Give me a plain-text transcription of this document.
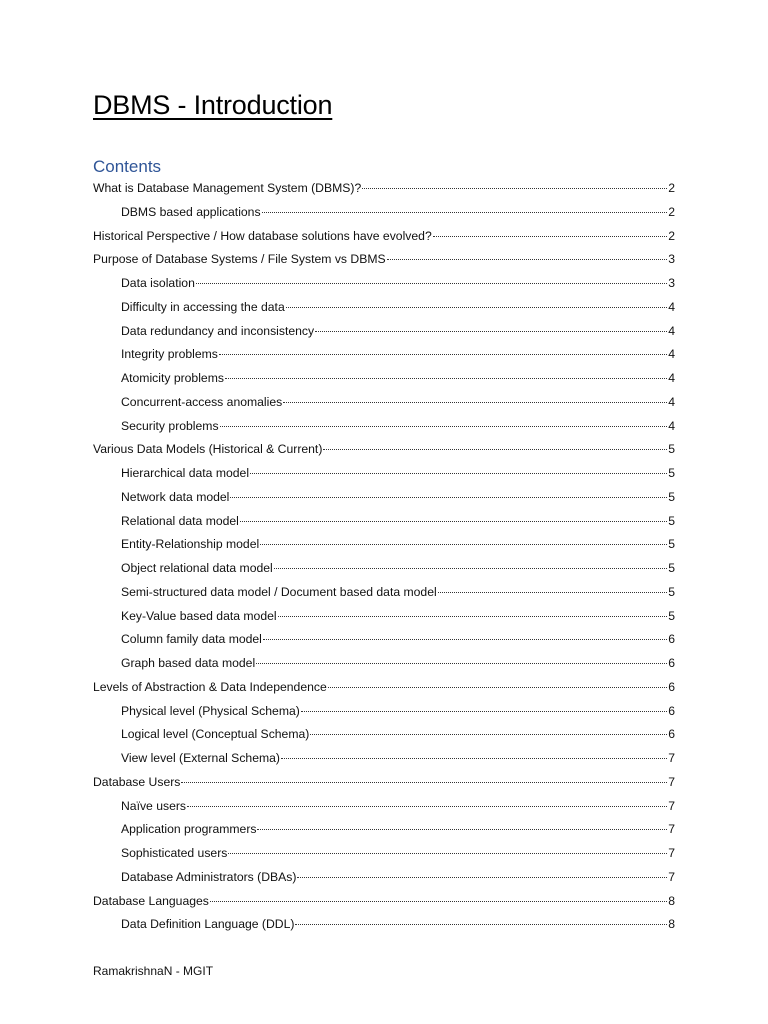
DBMS - Introduction
Contents
What is Database Management System (DBMS)?	2
DBMS based applications	2
Historical Perspective / How database solutions have evolved?	2
Purpose of Database Systems / File System vs DBMS	3
Data isolation	3
Difficulty in accessing the data	4
Data redundancy and inconsistency	4
Integrity problems	4
Atomicity problems	4
Concurrent-access anomalies	4
Security problems	4
Various Data Models (Historical & Current)	5
Hierarchical data model	5
Network data model	5
Relational data model	5
Entity-Relationship model	5
Object relational data model	5
Semi-structured data model / Document based data model	5
Key-Value based data model	5
Column family data model	6
Graph based data model	6
Levels of Abstraction & Data Independence	6
Physical level (Physical Schema)	6
Logical level (Conceptual Schema)	6
View level (External Schema)	7
Database Users	7
Naïve users	7
Application programmers	7
Sophisticated users	7
Database Administrators (DBAs)	7
Database Languages	8
Data Definition Language (DDL)	8
RamakrishnaN - MGIT
